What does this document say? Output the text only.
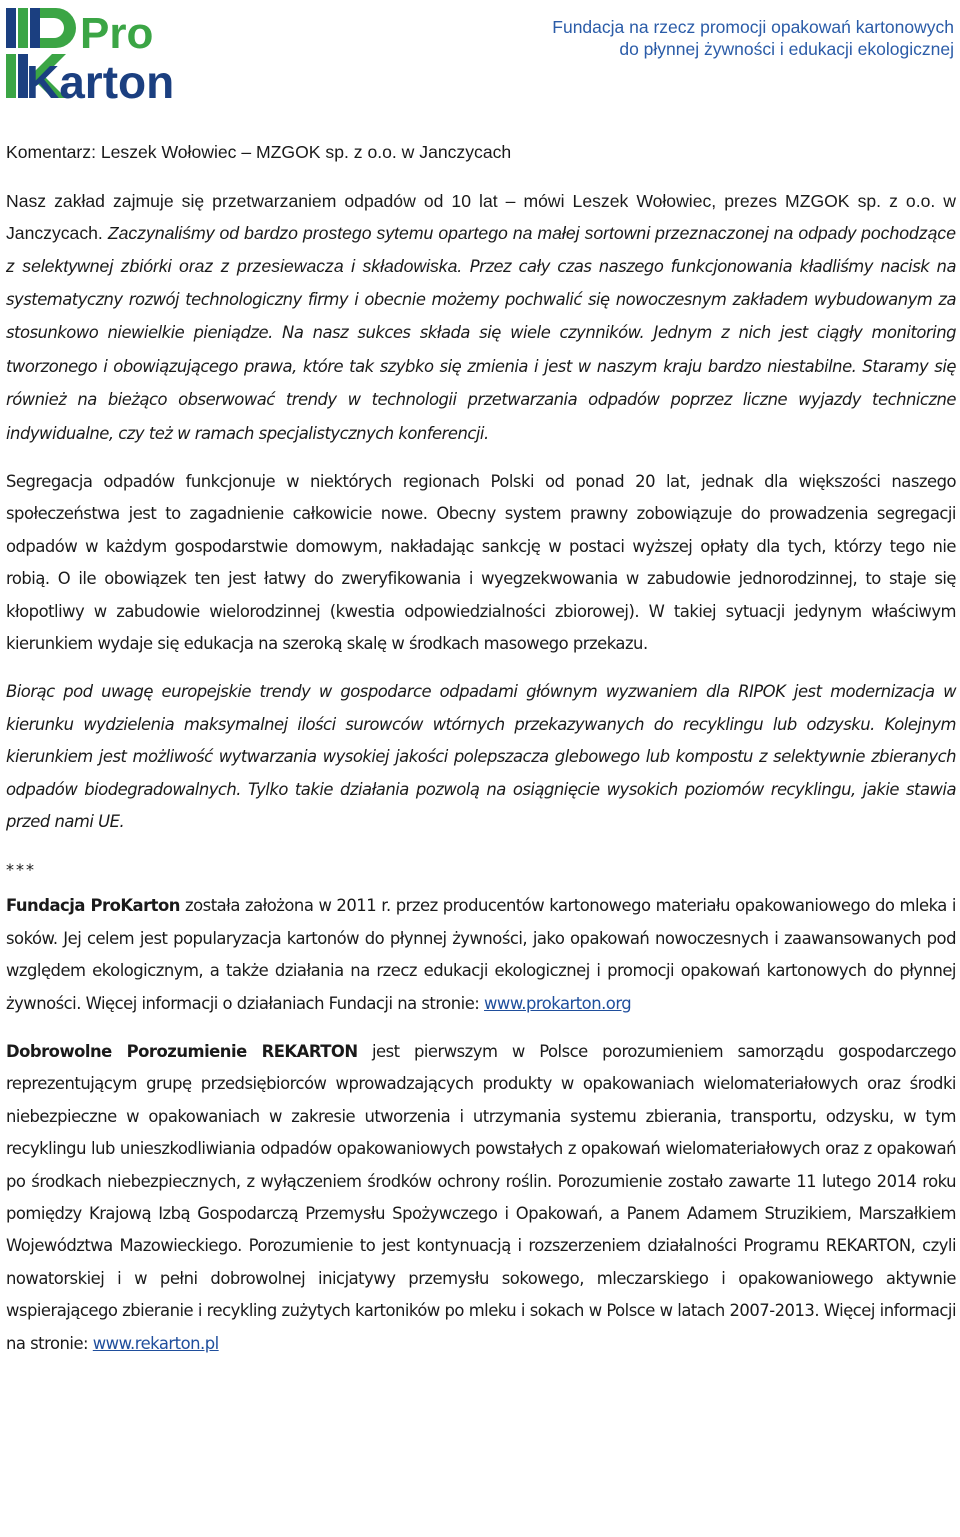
Pro
Karton
Fundacja na rzecz promocji opakowań kartonowych
do płynnej żywności i edukacji ekologicznej

Komentarz: Leszek Wołowiec – MZGOK sp. z o.o. w Janczycach

Nasz zakład zajmuje się przetwarzaniem odpadów od 10 lat – mówi Leszek Wołowiec, prezes MZGOK sp. z o.o. w Janczycach. Zaczynaliśmy od bardzo prostego sytemu opartego na małej sortowni przeznaczonej na odpady pochodzące z selektywnej zbiórki oraz z przesiewacza i składowiska. Przez cały czas naszego funkcjonowania kładliśmy nacisk na systematyczny rozwój technologiczny firmy i obecnie możemy pochwalić się nowoczesnym zakładem wybudowanym za stosunkowo niewielkie pieniądze. Na nasz sukces składa się wiele czynników. Jednym z nich jest ciągły monitoring tworzonego i obowiązującego prawa, które tak szybko się zmienia i jest w naszym kraju bardzo niestabilne. Staramy się również na bieżąco obserwować trendy w technologii przetwarzania odpadów poprzez liczne wyjazdy techniczne indywidualne, czy też w ramach specjalistycznych konferencji.

Segregacja odpadów funkcjonuje w niektórych regionach Polski od ponad 20 lat, jednak dla większości naszego społeczeństwa jest to zagadnienie całkowicie nowe. Obecny system prawny zobowiązuje do prowadzenia segregacji odpadów w każdym gospodarstwie domowym, nakładając sankcję w postaci wyższej opłaty dla tych, którzy tego nie robią. O ile obowiązek ten jest łatwy do zweryfikowania i wyegzekwowania w zabudowie jednorodzinnej, to staje się kłopotliwy w zabudowie wielorodzinnej (kwestia odpowiedzialności zbiorowej). W takiej sytuacji jedynym właściwym kierunkiem wydaje się edukacja na szeroką skalę w środkach masowego przekazu.

Biorąc pod uwagę europejskie trendy w gospodarce odpadami głównym wyzwaniem dla RIPOK jest modernizacja w kierunku wydzielenia maksymalnej ilości surowców wtórnych przekazywanych do recyklingu lub odzysku. Kolejnym kierunkiem jest możliwość wytwarzania wysokiej jakości polepszacza glebowego lub kompostu z selektywnie zbieranych odpadów biodegradowalnych. Tylko takie działania pozwolą na osiągnięcie wysokich poziomów recyklingu, jakie stawia przed nami UE.

***

Fundacja ProKarton została założona w 2011 r. przez producentów kartonowego materiału opakowaniowego do mleka i soków. Jej celem jest popularyzacja kartonów do płynnej żywności, jako opakowań nowoczesnych i zaawansowanych pod względem ekologicznym, a także działania na rzecz edukacji ekologicznej i promocji opakowań kartonowych do płynnej żywności. Więcej informacji o działaniach Fundacji na stronie: www.prokarton.org

Dobrowolne Porozumienie REKARTON jest pierwszym w Polsce porozumieniem samorządu gospodarczego reprezentującym grupę przedsiębiorców wprowadzających produkty w opakowaniach wielomateriałowych oraz środki niebezpieczne w opakowaniach w zakresie utworzenia i utrzymania systemu zbierania, transportu, odzysku, w tym recyklingu lub unieszkodliwiania odpadów opakowaniowych powstałych z opakowań wielomateriałowych oraz z opakowań po środkach niebezpiecznych, z wyłączeniem środków ochrony roślin. Porozumienie zostało zawarte 11 lutego 2014 roku pomiędzy Krajową Izbą Gospodarczą Przemysłu Spożywczego i Opakowań, a Panem Adamem Struzikiem, Marszałkiem Województwa Mazowieckiego. Porozumienie to jest kontynuacją i rozszerzeniem działalności Programu REKARTON, czyli nowatorskiej i w pełni dobrowolnej inicjatywy przemysłu sokowego, mleczarskiego i opakowaniowego aktywnie wspierającego zbieranie i recykling zużytych kartoników po mleku i sokach w Polsce w latach 2007-2013. Więcej informacji na stronie: www.rekarton.pl
